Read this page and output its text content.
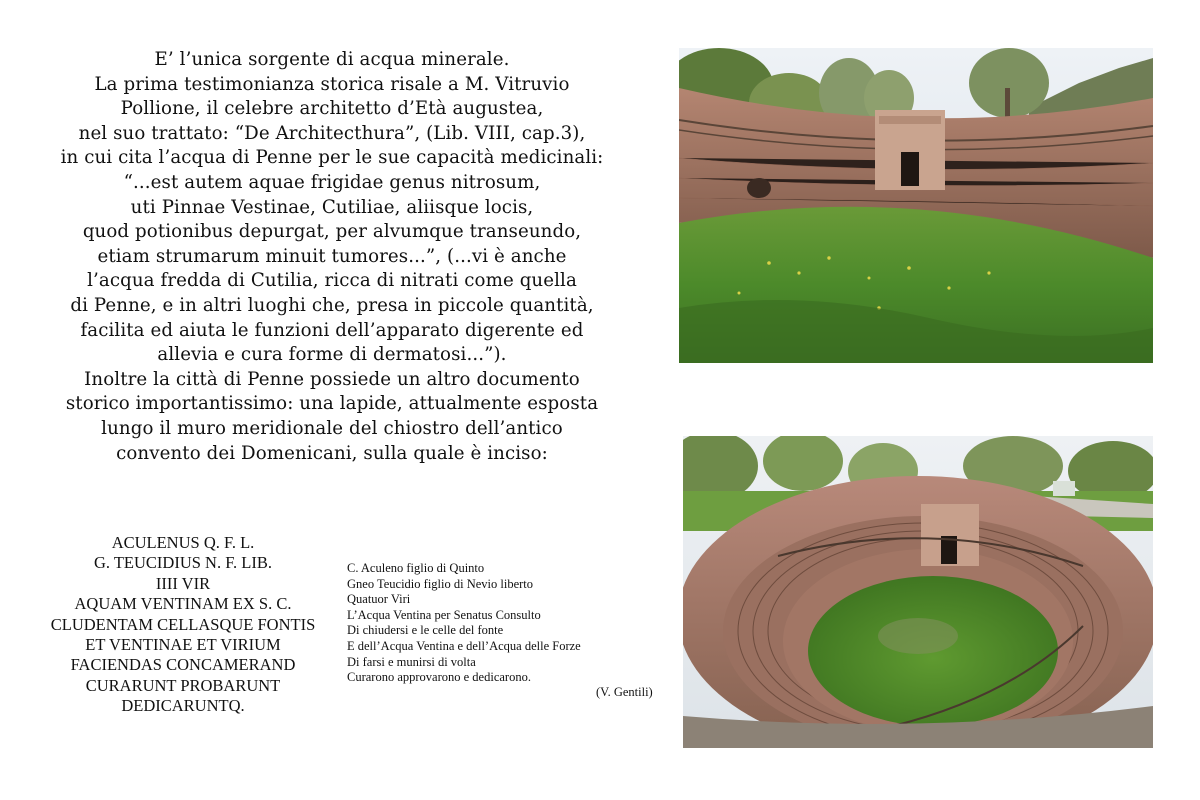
E’ l’unica sorgente di acqua minerale.
La prima testimonianza storica risale a M. Vitruvio
Pollione, il celebre architetto d’Età augustea,
nel suo trattato: “De Architecthura”, (Lib. VIII, cap.3),
in cui cita l’acqua di Penne per le sue capacità medicinali:
“...est autem aquae frigidae genus nitrosum,
uti Pinnae Vestinae, Cutiliae, aliisque locis,
quod potionibus depurgat, per alvumque transeundo,
etiam strumarum minuit tumores...”, (...vi è anche
l’acqua fredda di Cutilia, ricca di nitrati come quella
di Penne, e in altri luoghi che, presa in piccole quantità,
facilita ed aiuta le funzioni dell’apparato digerente ed
allevia e cura forme di dermatosi...”).
Inoltre la città di Penne possiede un altro documento
storico importantissimo: una lapide, attualmente esposta
lungo il muro meridionale del chiostro dell’antico
convento dei Domenicani, sulla quale è inciso:
ACULENUS Q. F. L.
G. TEUCIDIUS N. F. LIB.
IIII VIR
AQUAM VENTINAM EX S. C.
CLUDENTAM CELLASQUE FONTIS
ET VENTINAE ET VIRIUM
FACIENDAS CONCAMERAND
CURARUNT PROBARUNT
DEDICARUNTQ.
C. Aculeno figlio di Quinto
Gneo Teucidio figlio di Nevio liberto
Quatuor Viri
L’Acqua Ventina per Senatus Consulto
Di chiudersi e le celle del fonte
E dell’Acqua Ventina e dell’Acqua delle Forze
Di farsi e munirsi di volta
Curarono approvarono e dedicarono.
(V. Gentili)
